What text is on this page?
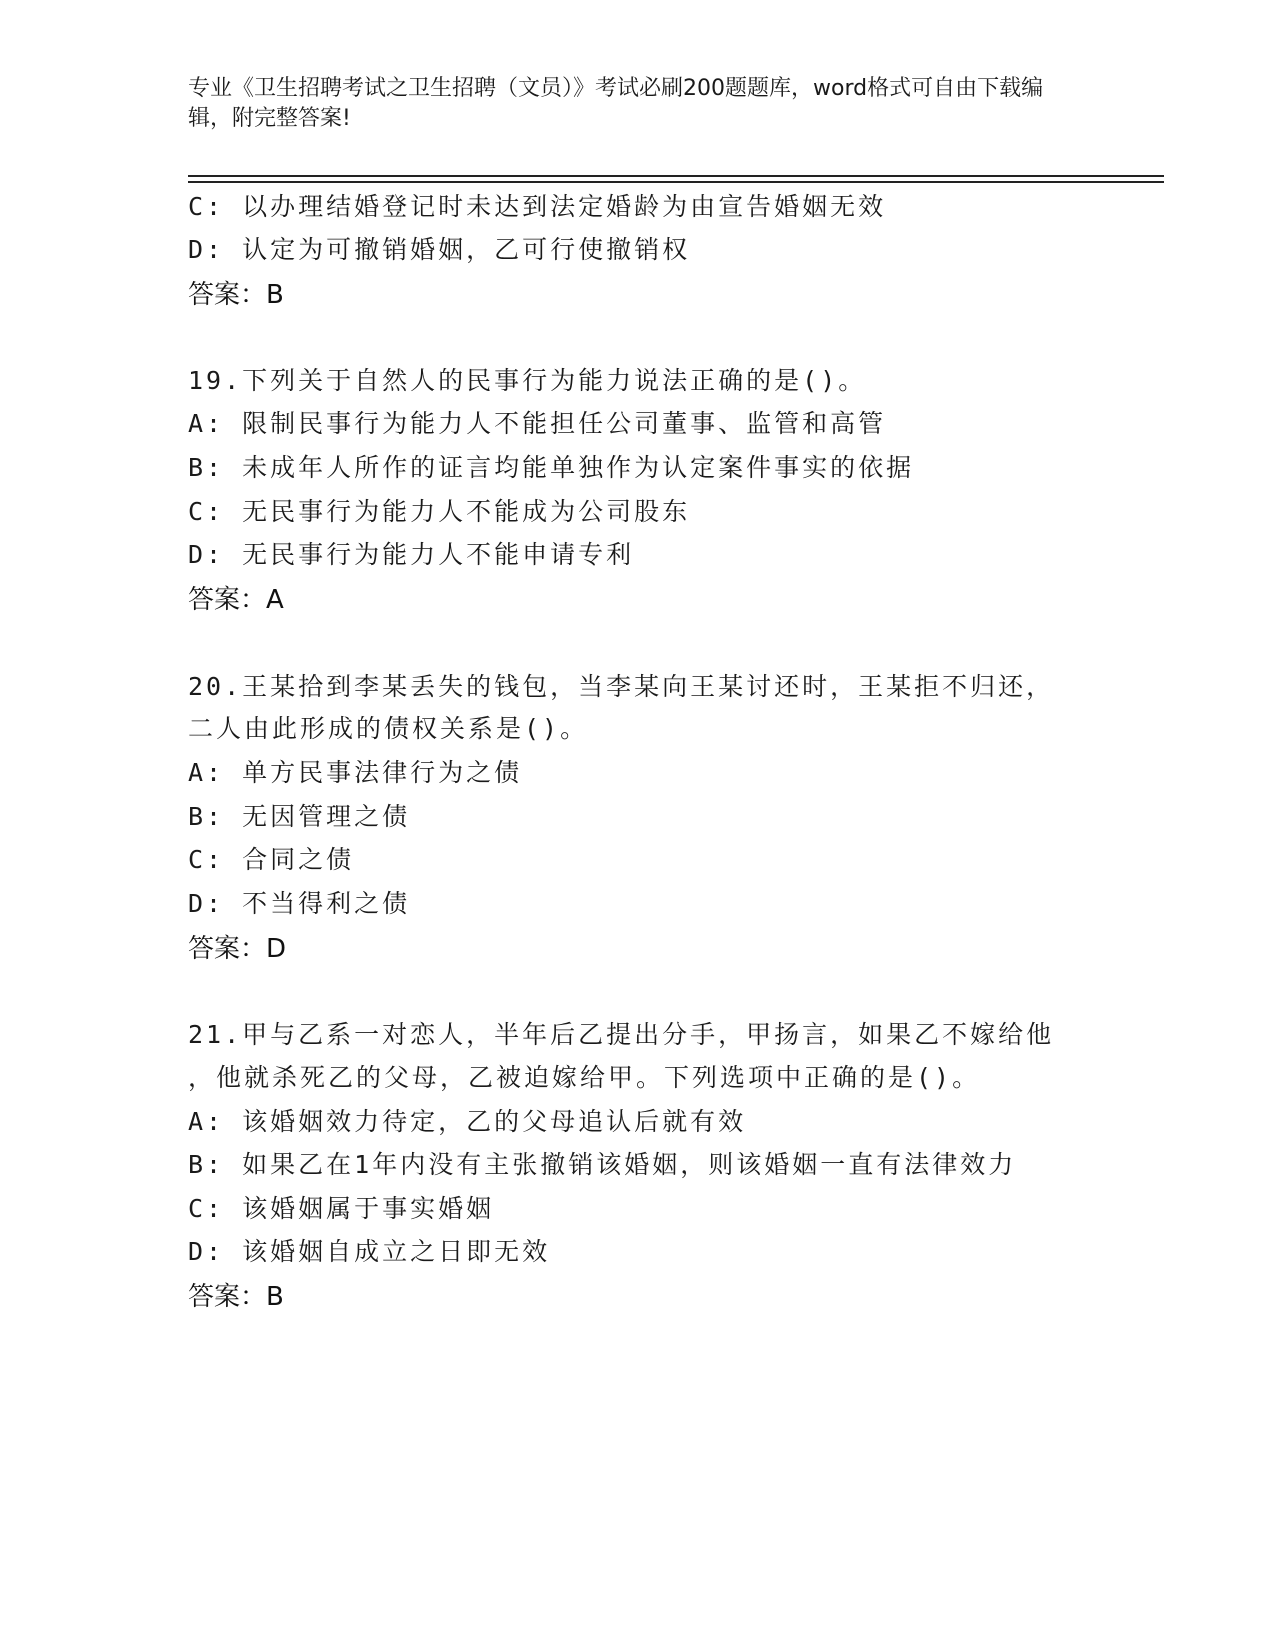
专业《卫生招聘考试之卫生招聘（文员）》考试必刷200题题库，word格式可自由下载编辑，附完整答案!
C: 以办理结婚登记时未达到法定婚龄为由宣告婚姻无效
D: 认定为可撤销婚姻，乙可行使撤销权
答案：B
19.下列关于自然人的民事行为能力说法正确的是()。
A: 限制民事行为能力人不能担任公司董事、监管和高管
B: 未成年人所作的证言均能单独作为认定案件事实的依据
C: 无民事行为能力人不能成为公司股东
D: 无民事行为能力人不能申请专利
答案：A
20.王某拾到李某丢失的钱包，当李某向王某讨还时，王某拒不归还，
二人由此形成的债权关系是()。
A: 单方民事法律行为之债
B: 无因管理之债
C: 合同之债
D: 不当得利之债
答案：D
21.甲与乙系一对恋人，半年后乙提出分手，甲扬言，如果乙不嫁给他
，他就杀死乙的父母，乙被迫嫁给甲。下列选项中正确的是()。
A: 该婚姻效力待定，乙的父母追认后就有效
B: 如果乙在1年内没有主张撤销该婚姻，则该婚姻一直有法律效力
C: 该婚姻属于事实婚姻
D: 该婚姻自成立之日即无效
答案：B
